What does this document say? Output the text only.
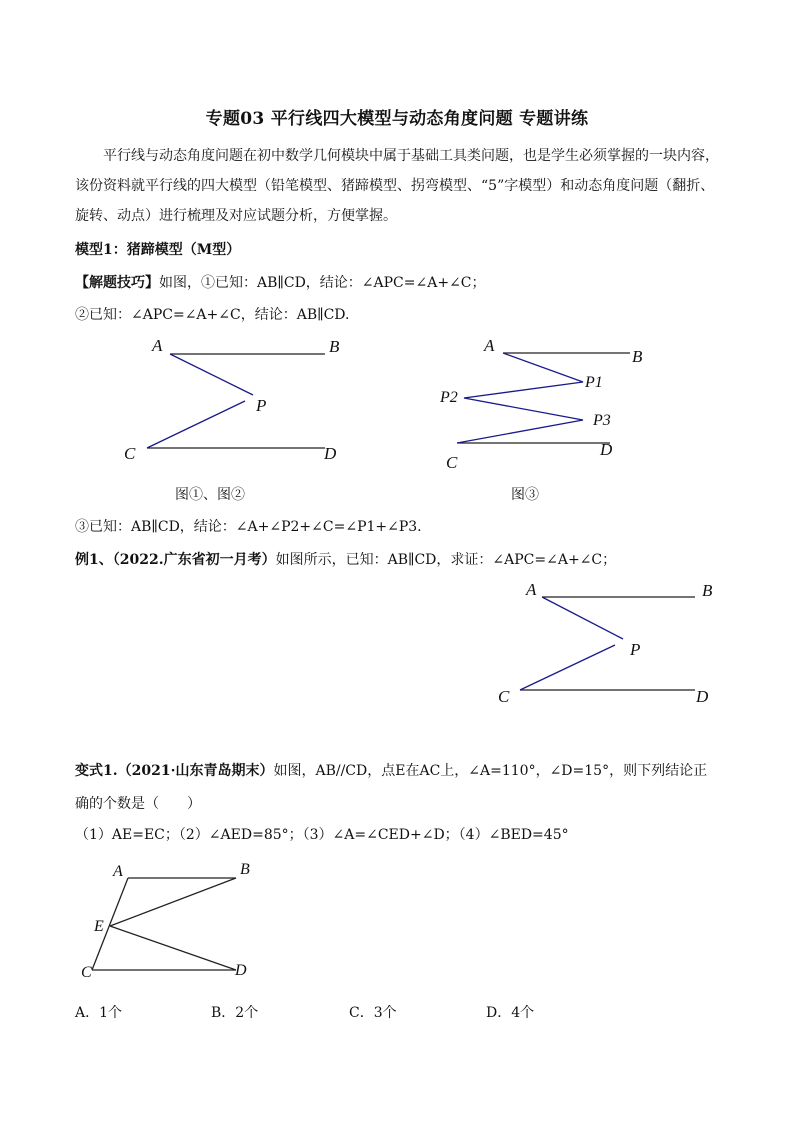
专题03 平行线四大模型与动态角度问题 专题讲练
平行线与动态角度问题在初中数学几何模块中属于基础工具类问题，也是学生必须掌握的一块内容，该份资料就平行线的四大模型（铅笔模型、猪蹄模型、拐弯模型、“5”字模型）和动态角度问题（翻折、旋转、动点）进行梳理及对应试题分析，方便掌握。
模型1：猪蹄模型（M型）
【解题技巧】如图，①已知：AB∥CD，结论：∠APC=∠A+∠C；
②已知：∠APC=∠A+∠C，结论：AB∥CD.
A	B
P
C	D
A
B
P1
P2
P3
C
D
图①、图②	图③
③已知：AB∥CD，结论：∠A+∠P2+∠C=∠P1+∠P3.
例1、（2022.广东省初一月考）如图所示，已知：AB∥CD，求证：∠APC=∠A+∠C；
A	B
P
C	D
变式1.（2021·山东青岛期末）如图，AB//CD，点E在AC上，∠A=110°，∠D=15°，则下列结论正
确的个数是（　　）
（1）AE=EC；（2）∠AED=85°；（3）∠A=∠CED+∠D；（4）∠BED=45°
A	B
E
C	D
A．1个	B．2个	C．3个	D．4个
